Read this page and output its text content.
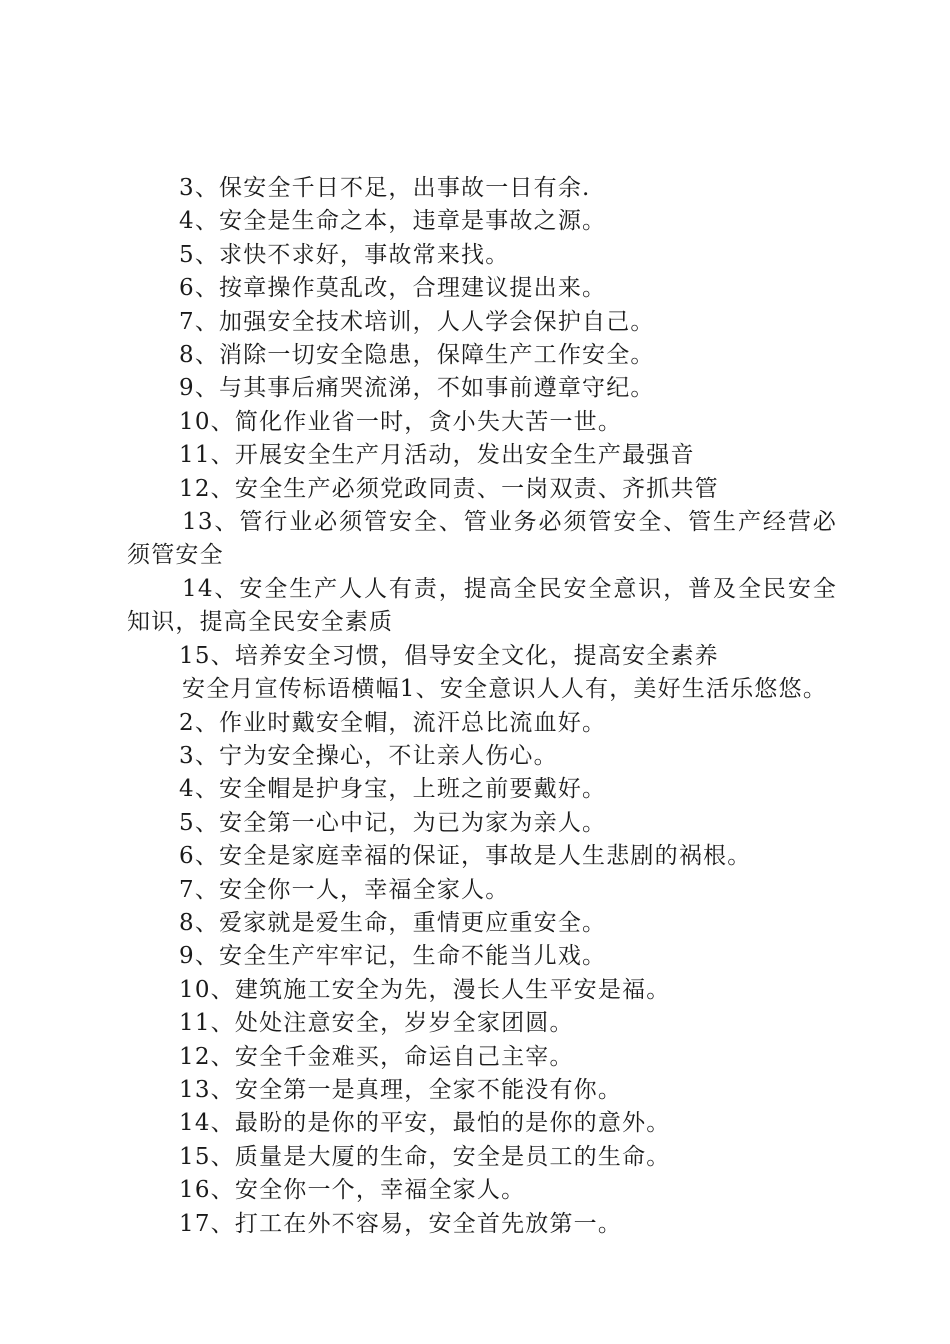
3、保安全千日不足，出事故一日有余.

4、安全是生命之本，违章是事故之源。

5、求快不求好，事故常来找。

6、按章操作莫乱改，合理建议提出来。

7、加强安全技术培训，人人学会保护自己。

8、消除一切安全隐患，保障生产工作安全。

9、与其事后痛哭流涕，不如事前遵章守纪。

10、简化作业省一时，贪小失大苦一世。

11、开展安全生产月活动，发出安全生产最强音

12、安全生产必须党政同责、一岗双责、齐抓共管

13、管行业必须管安全、管业务必须管安全、管生产经营必须管安全

14、安全生产人人有责，提高全民安全意识，普及全民安全知识，提高全民安全素质

15、培养安全习惯，倡导安全文化，提高安全素养

安全月宣传标语横幅1、安全意识人人有，美好生活乐悠悠。

2、作业时戴安全帽，流汗总比流血好。

3、宁为安全操心，不让亲人伤心。

4、安全帽是护身宝，上班之前要戴好。

5、安全第一心中记，为已为家为亲人。

6、安全是家庭幸福的保证，事故是人生悲剧的祸根。

7、安全你一人，幸福全家人。

8、爱家就是爱生命，重情更应重安全。

9、安全生产牢牢记，生命不能当儿戏。

10、建筑施工安全为先，漫长人生平安是福。

11、处处注意安全，岁岁全家团圆。

12、安全千金难买，命运自己主宰。

13、安全第一是真理，全家不能没有你。

14、最盼的是你的平安，最怕的是你的意外。

15、质量是大厦的生命，安全是员工的生命。

16、安全你一个，幸福全家人。

17、打工在外不容易，安全首先放第一。
